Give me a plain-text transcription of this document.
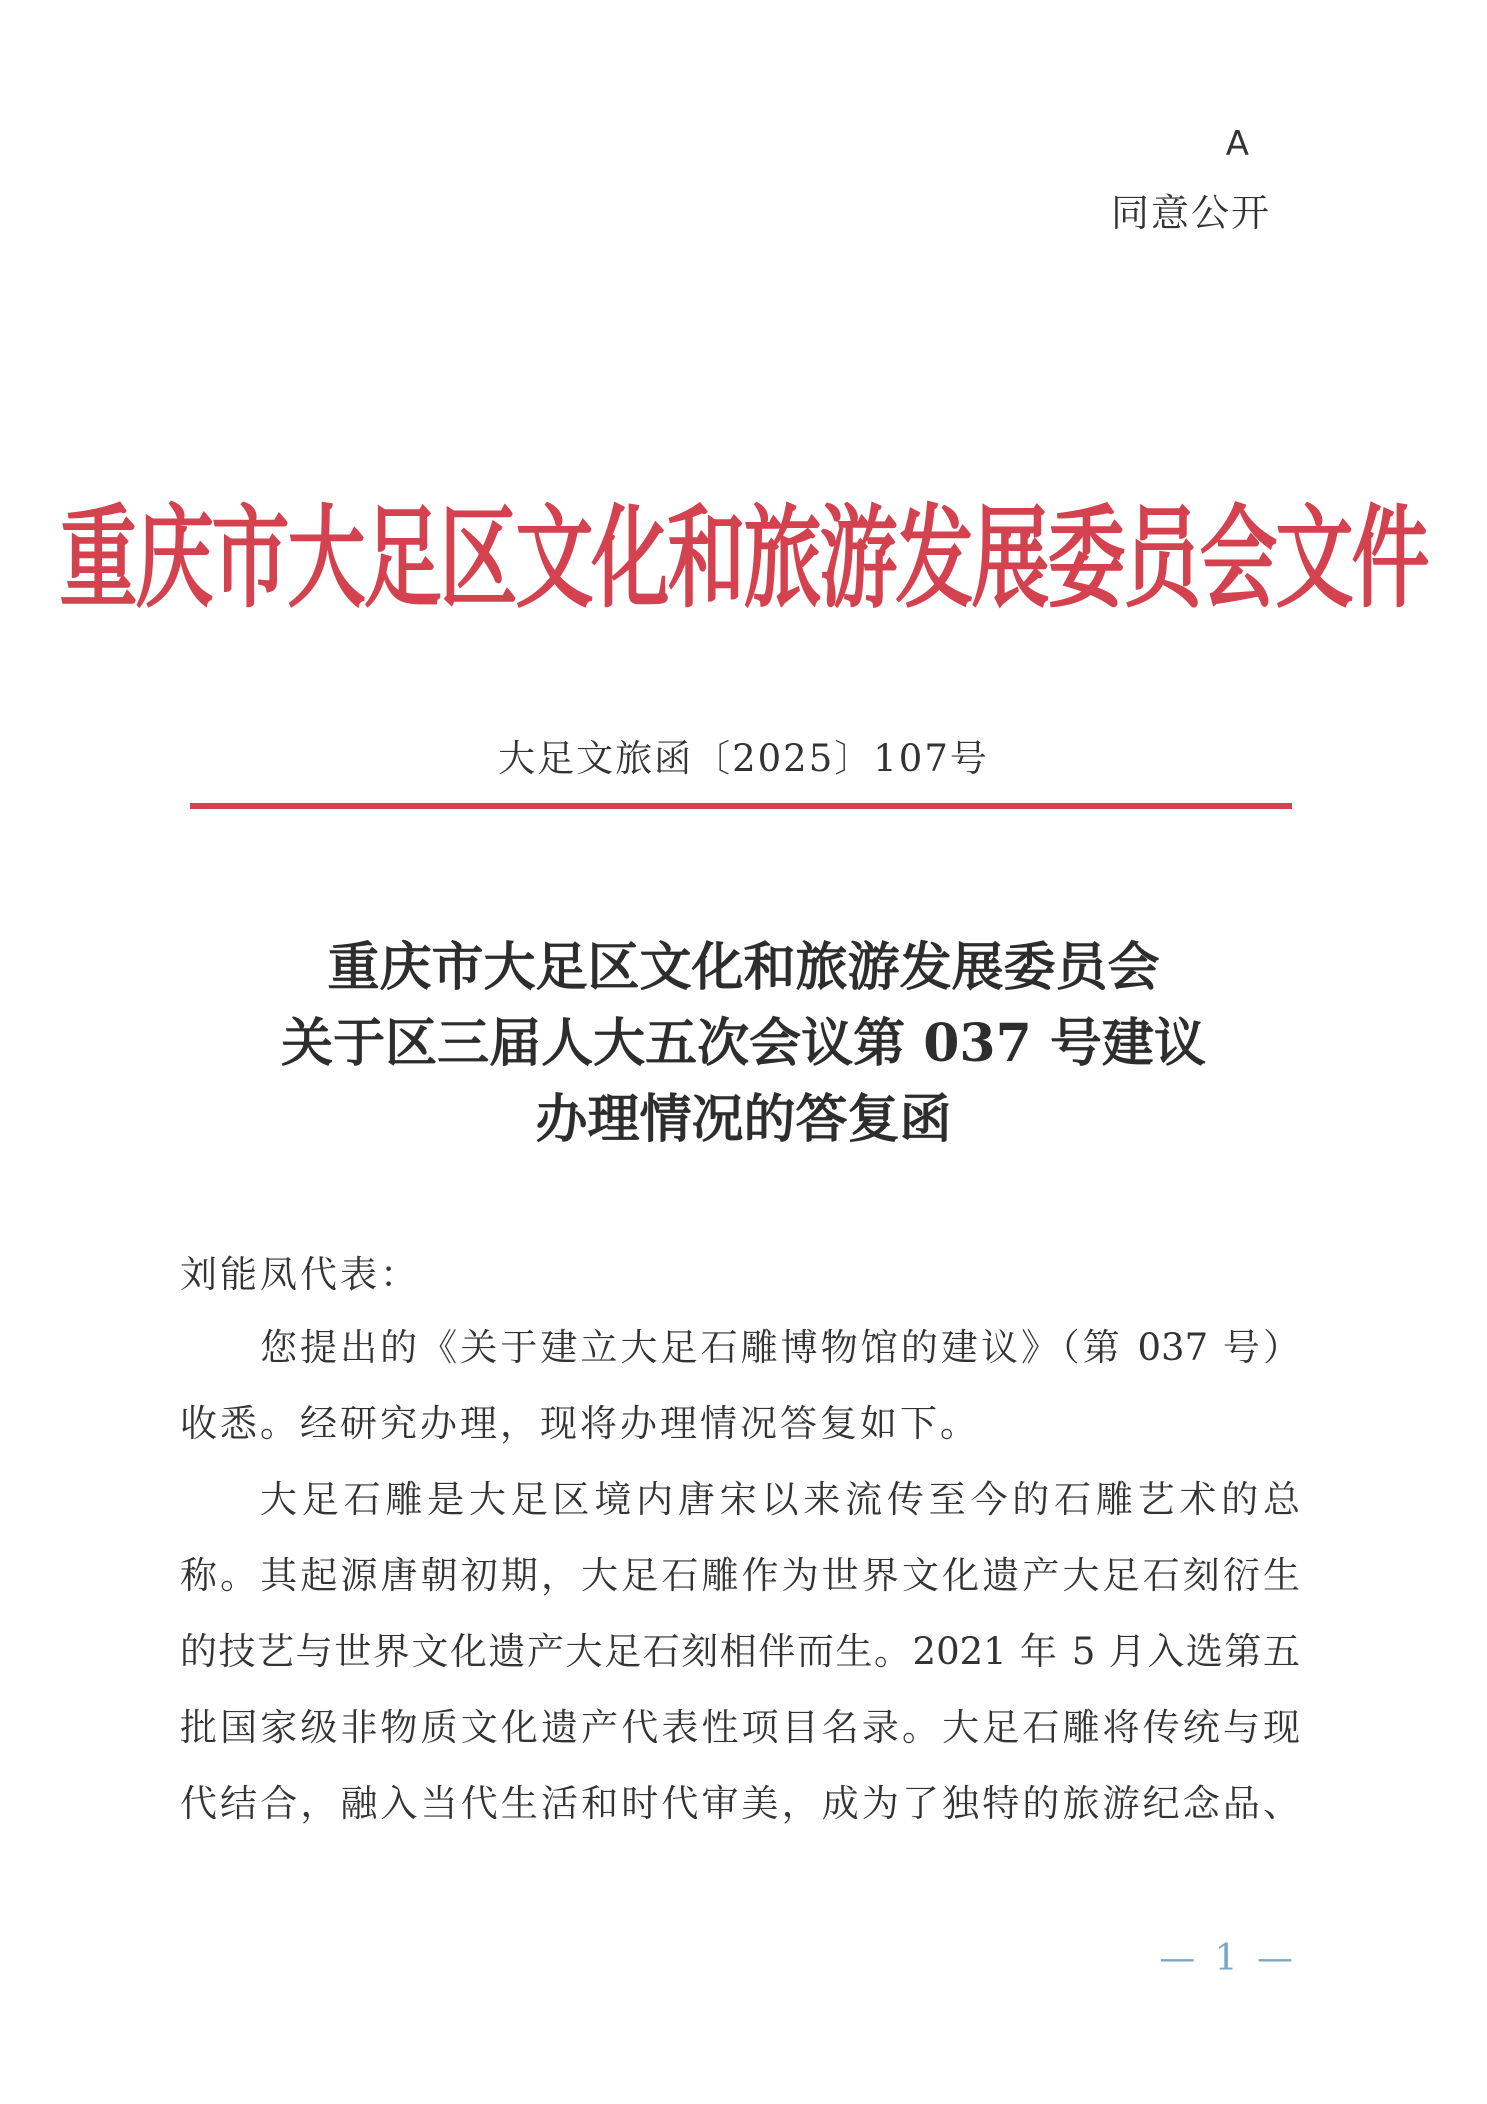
A
同意公开
重庆市大足区文化和旅游发展委员会文件
大足文旅函〔2025〕107号
重庆市大足区文化和旅游发展委员会
关于区三届人大五次会议第 037 号建议
办理情况的答复函
刘能凤代表：
您提出的《关于建立大足石雕博物馆的建议》（第 037 号）
收悉。经研究办理，现将办理情况答复如下。
大足石雕是大足区境内唐宋以来流传至今的石雕艺术的总
称。其起源唐朝初期，大足石雕作为世界文化遗产大足石刻衍生
的技艺与世界文化遗产大足石刻相伴而生。2021 年 5 月入选第五
批国家级非物质文化遗产代表性项目名录。大足石雕将传统与现
代结合，融入当代生活和时代审美，成为了独特的旅游纪念品、
— 1 —
